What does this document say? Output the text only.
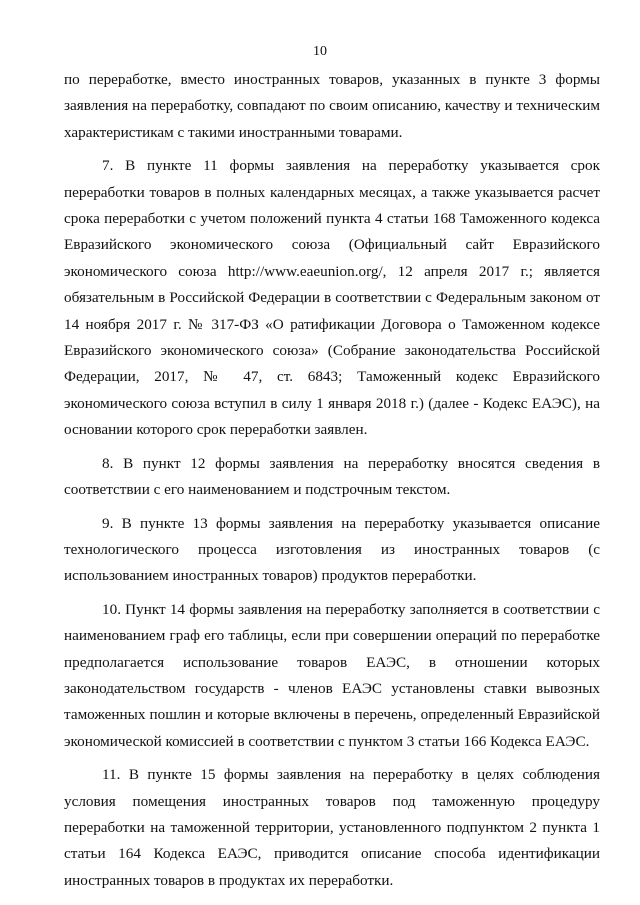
10

по переработке, вместо иностранных товаров, указанных в пункте 3 формы заявления на переработку, совпадают по своим описанию, качеству и техническим характеристикам с такими иностранными товарами.

7. В пункте 11 формы заявления на переработку указывается срок переработки товаров в полных календарных месяцах, а также указывается расчет срока переработки с учетом положений пункта 4 статьи 168 Таможенного кодекса Евразийского экономического союза (Официальный сайт Евразийского экономического союза http://www.eaeunion.org/, 12 апреля 2017 г.; является обязательным в Российской Федерации в соответствии с Федеральным законом от 14 ноября 2017 г. № 317-ФЗ «О ратификации Договора о Таможенном кодексе Евразийского экономического союза» (Собрание законодательства Российской Федерации, 2017, № 47, ст. 6843; Таможенный кодекс Евразийского экономического союза вступил в силу 1 января 2018 г.) (далее - Кодекс ЕАЭС), на основании которого срок переработки заявлен.

8. В пункт 12 формы заявления на переработку вносятся сведения в соответствии с его наименованием и подстрочным текстом.

9. В пункте 13 формы заявления на переработку указывается описание технологического процесса изготовления из иностранных товаров (с использованием иностранных товаров) продуктов переработки.

10. Пункт 14 формы заявления на переработку заполняется в соответствии с наименованием граф его таблицы, если при совершении операций по переработке предполагается использование товаров ЕАЭС, в отношении которых законодательством государств - членов ЕАЭС установлены ставки вывозных таможенных пошлин и которые включены в перечень, определенный Евразийской экономической комиссией в соответствии с пунктом 3 статьи 166 Кодекса ЕАЭС.

11. В пункте 15 формы заявления на переработку в целях соблюдения условия помещения иностранных товаров под таможенную процедуру переработки на таможенной территории, установленного подпунктом 2 пункта 1 статьи 164 Кодекса ЕАЭС, приводится описание способа идентификации иностранных товаров в продуктах их переработки.
